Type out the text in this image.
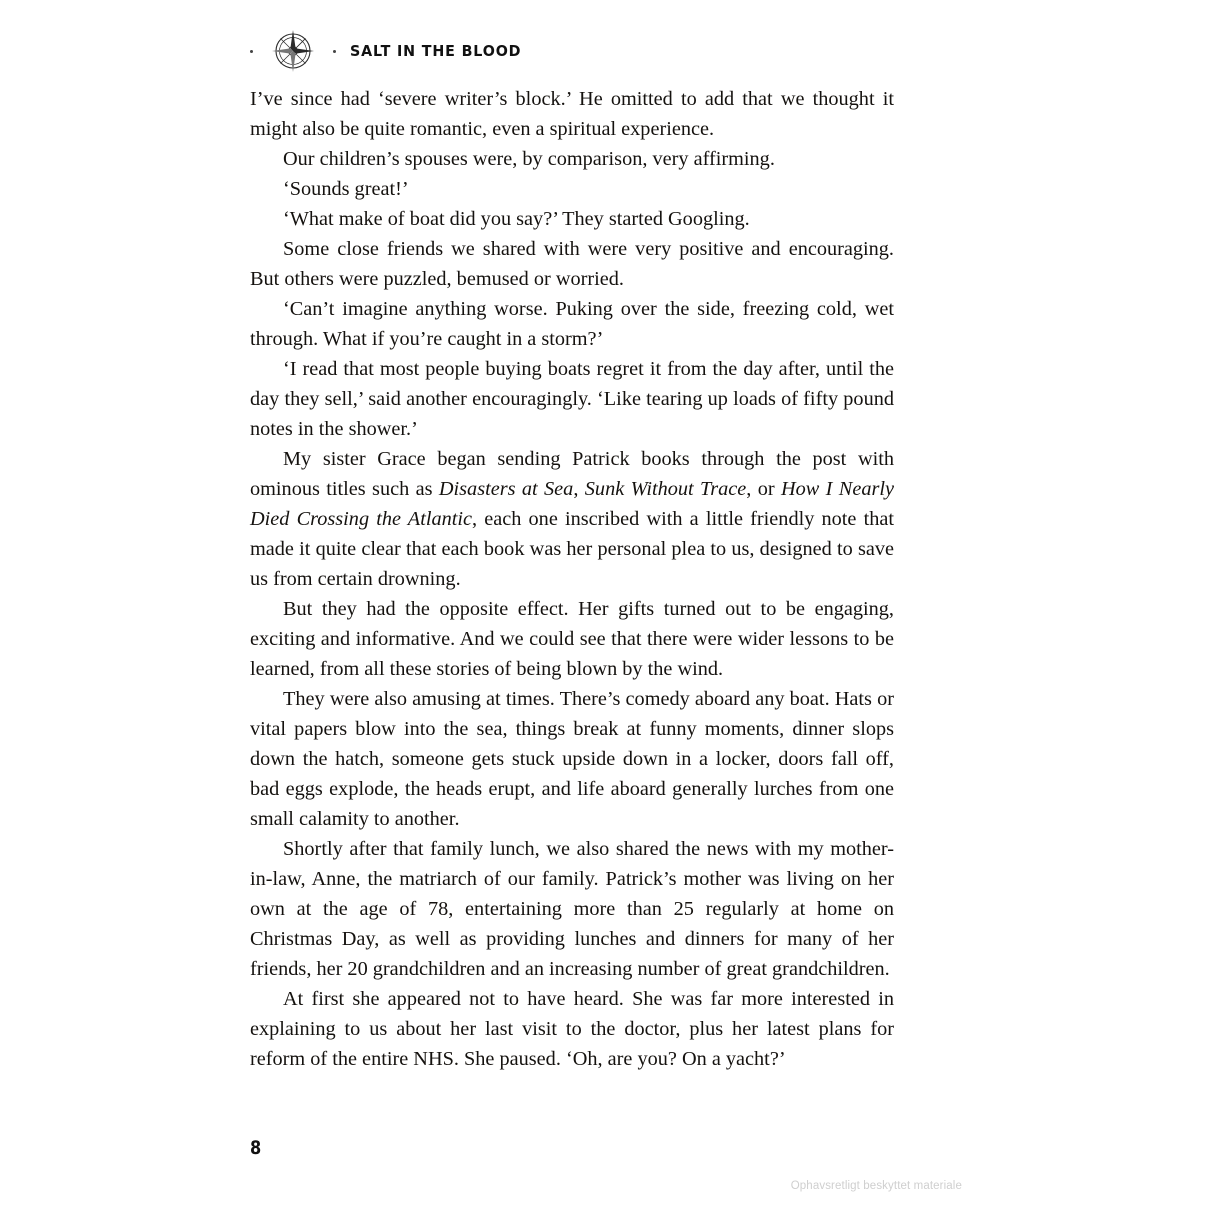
SALT IN THE BLOOD

I’ve since had ‘severe writer’s block.’ He omitted to add that we thought it might also be quite romantic, even a spiritual experience.

Our children’s spouses were, by comparison, very affirming.

‘Sounds great!’

‘What make of boat did you say?’ They started Googling.

Some close friends we shared with were very positive and encouraging. But others were puzzled, bemused or worried.

‘Can’t imagine anything worse. Puking over the side, freezing cold, wet through. What if you’re caught in a storm?’

‘I read that most people buying boats regret it from the day after, until the day they sell,’ said another encouragingly. ‘Like tearing up loads of fifty pound notes in the shower.’

My sister Grace began sending Patrick books through the post with ominous titles such as Disasters at Sea, Sunk Without Trace, or How I Nearly Died Crossing the Atlantic, each one inscribed with a little friendly note that made it quite clear that each book was her personal plea to us, designed to save us from certain drowning.

But they had the opposite effect. Her gifts turned out to be engaging, exciting and informative. And we could see that there were wider lessons to be learned, from all these stories of being blown by the wind.

They were also amusing at times. There’s comedy aboard any boat. Hats or vital papers blow into the sea, things break at funny moments, dinner slops down the hatch, someone gets stuck upside down in a locker, doors fall off, bad eggs explode, the heads erupt, and life aboard generally lurches from one small calamity to another.

Shortly after that family lunch, we also shared the news with my mother-in-law, Anne, the matriarch of our family. Patrick’s mother was living on her own at the age of 78, entertaining more than 25 regularly at home on Christmas Day, as well as providing lunches and dinners for many of her friends, her 20 grandchildren and an increasing number of great grandchildren.

At first she appeared not to have heard. She was far more interested in explaining to us about her last visit to the doctor, plus her latest plans for reform of the entire NHS. She paused. ‘Oh, are you? On a yacht?’

8
Ophavsretligt beskyttet materiale
